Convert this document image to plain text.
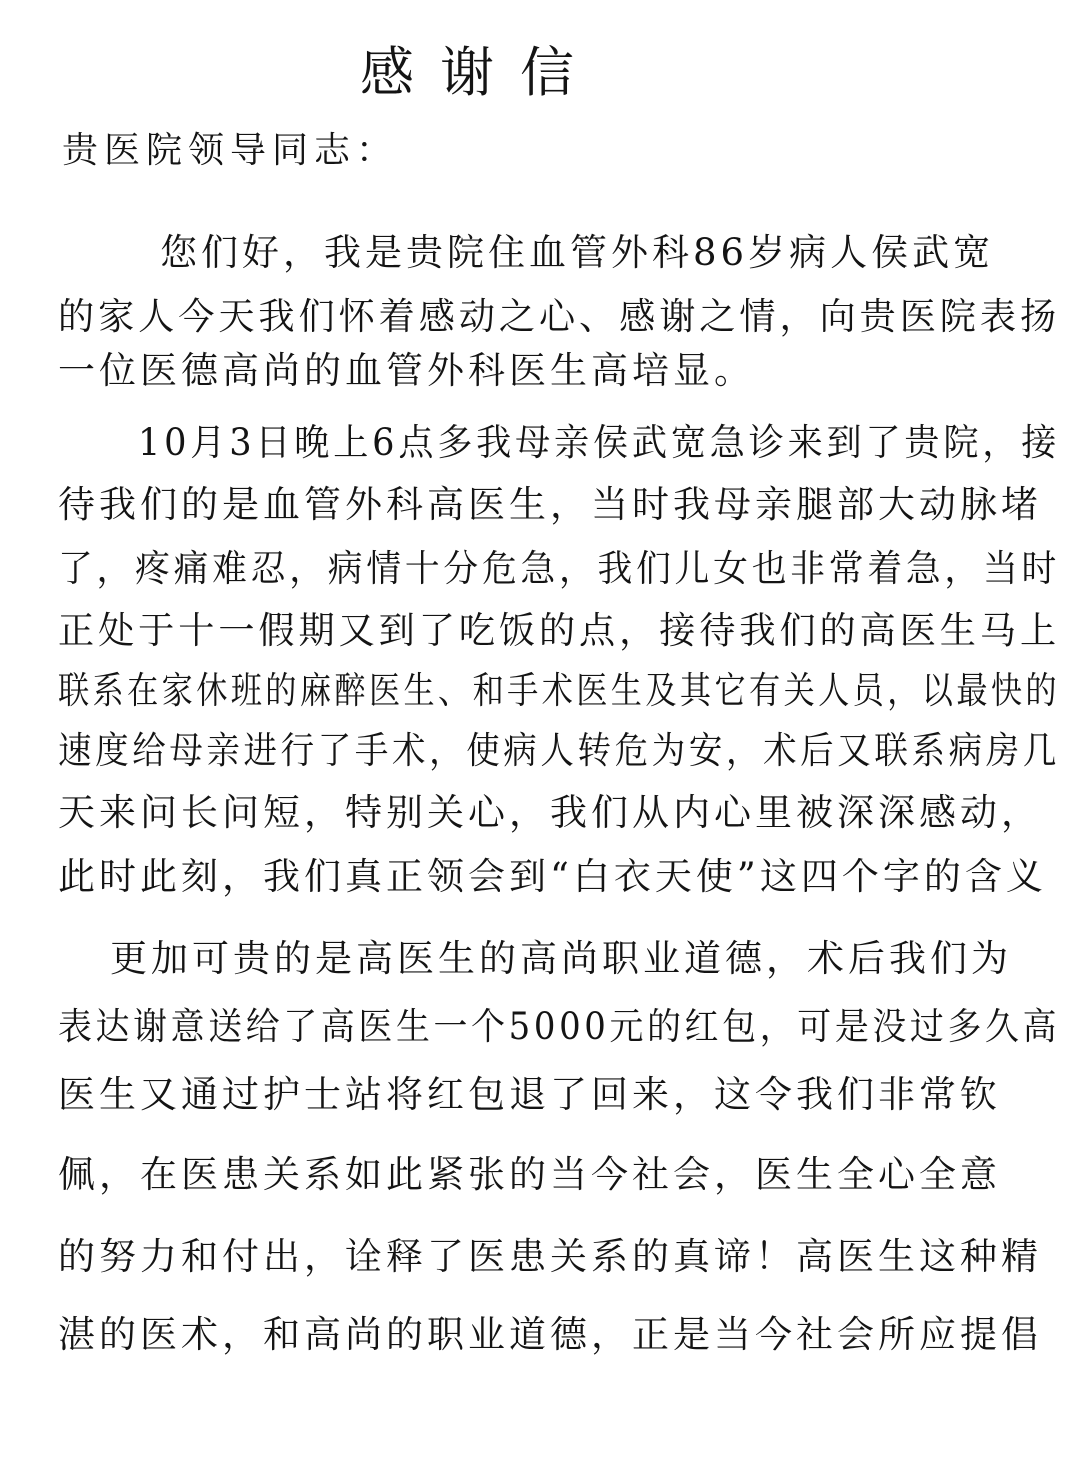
感谢信
贵医院领导同志：
您们好，我是贵院住血管外科86岁病人侯武宽
的家人今天我们怀着感动之心、感谢之情，向贵医院表扬
一位医德高尚的血管外科医生高培显。
10月3日晚上6点多我母亲侯武宽急诊来到了贵院，接
待我们的是血管外科高医生，当时我母亲腿部大动脉堵
了，疼痛难忍，病情十分危急，我们儿女也非常着急，当时
正处于十一假期又到了吃饭的点，接待我们的高医生马上
联系在家休班的麻醉医生、和手术医生及其它有关人员，以最快的
速度给母亲进行了手术，使病人转危为安，术后又联系病房几
天来问长问短，特别关心，我们从内心里被深深感动，
此时此刻，我们真正领会到“白衣天使”这四个字的含义
更加可贵的是高医生的高尚职业道德，术后我们为
表达谢意送给了高医生一个5000元的红包，可是没过多久高
医生又通过护士站将红包退了回来，这令我们非常钦
佩，在医患关系如此紧张的当今社会，医生全心全意
的努力和付出，诠释了医患关系的真谛！高医生这种精
湛的医术，和高尚的职业道德，正是当今社会所应提倡
